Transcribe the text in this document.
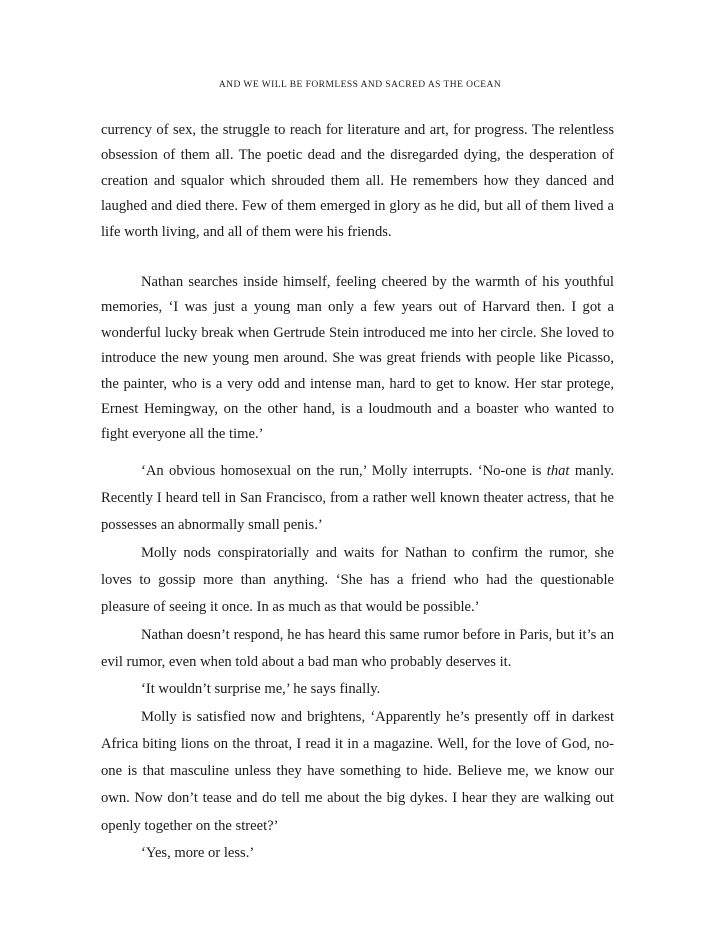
AND WE WILL BE FORMLESS AND SACRED AS THE OCEAN

currency of sex, the struggle to reach for literature and art, for progress. The relentless obsession of them all. The poetic dead and the disregarded dying, the desperation of creation and squalor which shrouded them all. He remembers how they danced and laughed and died there. Few of them emerged in glory as he did, but all of them lived a life worth living, and all of them were his friends.

Nathan searches inside himself, feeling cheered by the warmth of his youthful memories, ‘I was just a young man only a few years out of Harvard then. I got a wonderful lucky break when Gertrude Stein introduced me into her circle. She loved to introduce the new young men around. She was great friends with people like Picasso, the painter, who is a very odd and intense man, hard to get to know. Her star protege, Ernest Hemingway, on the other hand, is a loudmouth and a boaster who wanted to fight everyone all the time.’

‘An obvious homosexual on the run,’ Molly interrupts. ‘No-one is that manly. Recently I heard tell in San Francisco, from a rather well known theater actress, that he possesses an abnormally small penis.’

Molly nods conspiratorially and waits for Nathan to confirm the rumor, she loves to gossip more than anything. ‘She has a friend who had the questionable pleasure of seeing it once. In as much as that would be possible.’

Nathan doesn’t respond, he has heard this same rumor before in Paris, but it’s an evil rumor, even when told about a bad man who probably deserves it.

‘It wouldn’t surprise me,’ he says finally.

Molly is satisfied now and brightens, ‘Apparently he’s presently off in darkest Africa biting lions on the throat, I read it in a magazine. Well, for the love of God, no-one is that masculine unless they have something to hide. Believe me, we know our own. Now don’t tease and do tell me about the big dykes. I hear they are walking out openly together on the street?’

‘Yes, more or less.’
